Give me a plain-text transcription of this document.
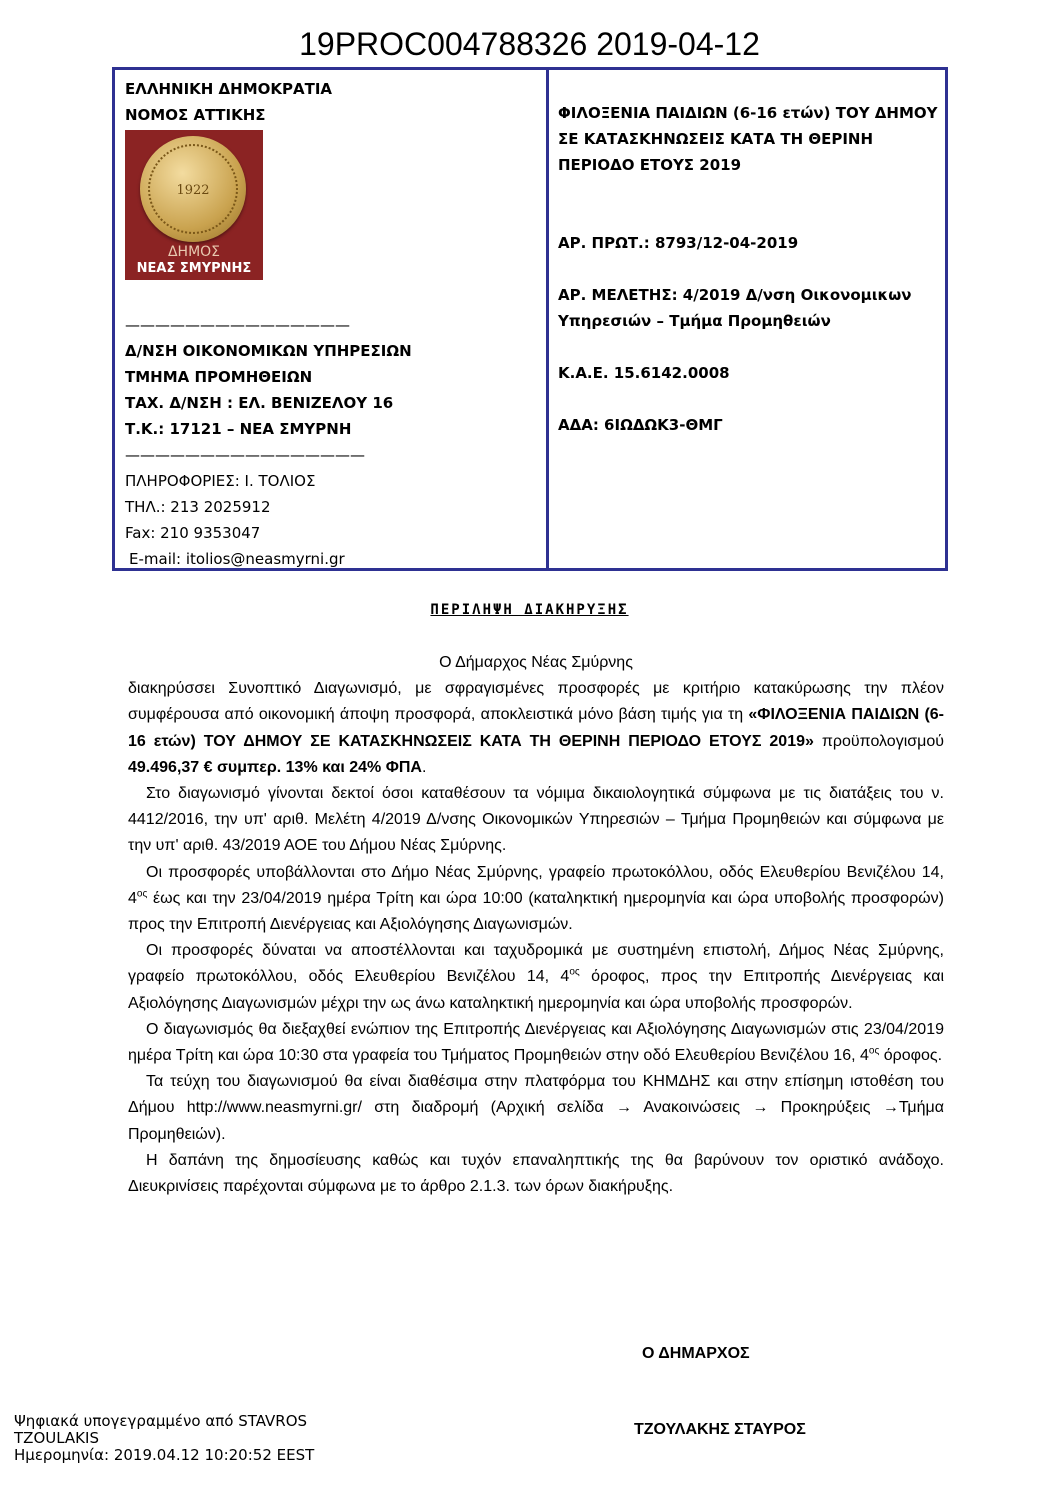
19PROC004788326 2019-04-12
ΕΛΛΗΝΙΚΗ ΔΗΜΟΚΡΑΤΙΑ
ΝΟΜΟΣ ΑΤΤΙΚΗΣ
1922
ΔΗΜΟΣ
ΝΕΑΣ ΣΜΥΡΝΗΣ
———————————————
Δ/ΝΣΗ ΟΙΚΟΝΟΜΙΚΩΝ ΥΠΗΡΕΣΙΩΝ
ΤΜΗΜΑ ΠΡΟΜΗΘΕΙΩΝ
ΤΑΧ. Δ/ΝΣΗ : ΕΛ. ΒΕΝΙΖΕΛΟΥ 16
Τ.Κ.: 17121 – ΝΕΑ ΣΜΥΡΝΗ
————————————————
ΠΛΗΡΟΦΟΡΙΕΣ: Ι. ΤΟΛΙΟΣ
ΤΗΛ.: 213 2025912
Fax: 210 9353047
E-mail: itolios@neasmyrni.gr
ΦΙΛΟΞΕΝΙΑ ΠΑΙΔΙΩΝ (6-16 ετών) ΤΟΥ ΔΗΜΟΥ ΣΕ ΚΑΤΑΣΚΗΝΩΣΕΙΣ ΚΑΤΑ ΤΗ ΘΕΡΙΝΗ ΠΕΡΙΟΔΟ ΕΤΟΥΣ 2019
ΑΡ. ΠΡΩΤ.: 8793/12-04-2019
ΑΡ. ΜΕΛΕΤΗΣ: 4/2019 Δ/νση Οικονομικων Υπηρεσιών – Τμήμα Προμηθειών
Κ.Α.Ε. 15.6142.0008
ΑΔΑ: 6ΙΩΔΩΚ3-ΘΜΓ
ΠΕΡΙΛΗΨΗ ΔΙΑΚΗΡΥΞΗΣ

Ο Δήμαρχος Νέας Σμύρνης

διακηρύσσει Συνοπτικό Διαγωνισμό, με σφραγισμένες προσφορές με κριτήριο κατακύρωσης την πλέον συμφέρουσα από οικονομική άποψη προσφορά, αποκλειστικά μόνο βάση τιμής για τη «ΦΙΛΟΞΕΝΙΑ ΠΑΙΔΙΩΝ (6-16 ετών) ΤΟΥ ΔΗΜΟΥ ΣΕ ΚΑΤΑΣΚΗΝΩΣΕΙΣ ΚΑΤΑ ΤΗ ΘΕΡΙΝΗ ΠΕΡΙΟΔΟ ΕΤΟΥΣ 2019» προϋπολογισμού 49.496,37 € συμπερ. 13% και 24% ΦΠΑ.

Στο διαγωνισμό γίνονται δεκτοί όσοι καταθέσουν τα νόμιμα δικαιολογητικά σύμφωνα με τις διατάξεις του ν. 4412/2016, την υπ' αριθ. Μελέτη 4/2019 Δ/νσης Οικονομικών Υπηρεσιών – Τμήμα Προμηθειών και σύμφωνα με την υπ' αριθ. 43/2019 ΑΟΕ του Δήμου Νέας Σμύρνης.

Οι προσφορές υποβάλλονται στο Δήμο Νέας Σμύρνης, γραφείο πρωτοκόλλου, οδός Ελευθερίου Βενιζέλου 14, $4^{o\varsigma}$ έως και την 23/04/2019 ημέρα Τρίτη και ώρα 10:00 (καταληκτική ημερομηνία και ώρα υποβολής προσφορών) προς την Επιτροπή Διενέργειας και Αξιολόγησης Διαγωνισμών.

Οι προσφορές δύναται να αποστέλλονται και ταχυδρομικά με συστημένη επιστολή, Δήμος Νέας Σμύρνης, γραφείο πρωτοκόλλου, οδός Ελευθερίου Βενιζέλου 14, $4^{o\varsigma}$ όροφος, προς την Επιτροπής Διενέργειας και Αξιολόγησης Διαγωνισμών μέχρι την ως άνω καταληκτική ημερομηνία και ώρα υποβολής προσφορών.

Ο διαγωνισμός θα διεξαχθεί ενώπιον της Επιτροπής Διενέργειας και Αξιολόγησης Διαγωνισμών στις 23/04/2019 ημέρα Τρίτη και ώρα 10:30 στα γραφεία του Τμήματος Προμηθειών στην οδό Ελευθερίου Βενιζέλου 16, $4^{o\varsigma}$ όροφος.

Τα τεύχη του διαγωνισμού θα είναι διαθέσιμα στην πλατφόρμα του ΚΗΜΔΗΣ και στην επίσημη ιστοθέση του Δήμου http://www.neasmyrni.gr/ στη διαδρομή (Αρχική σελίδα → Ανακοινώσεις → Προκηρύξεις →Τμήμα Προμηθειών).

Η δαπάνη της δημοσίευσης καθώς και τυχόν επαναληπτικής της θα βαρύνουν τον οριστικό ανάδοχο. Διευκρινίσεις παρέχονται σύμφωνα με το άρθρο 2.1.3. των όρων διακήρυξης.

Ο ΔΗΜΑΡΧΟΣ
ΤΖΟΥΛΑΚΗΣ ΣΤΑΥΡΟΣ
Ψηφιακά υπογεγραμμένο από STAVROS
TZOULAKIS
Ημερομηνία: 2019.04.12 10:20:52 EEST
